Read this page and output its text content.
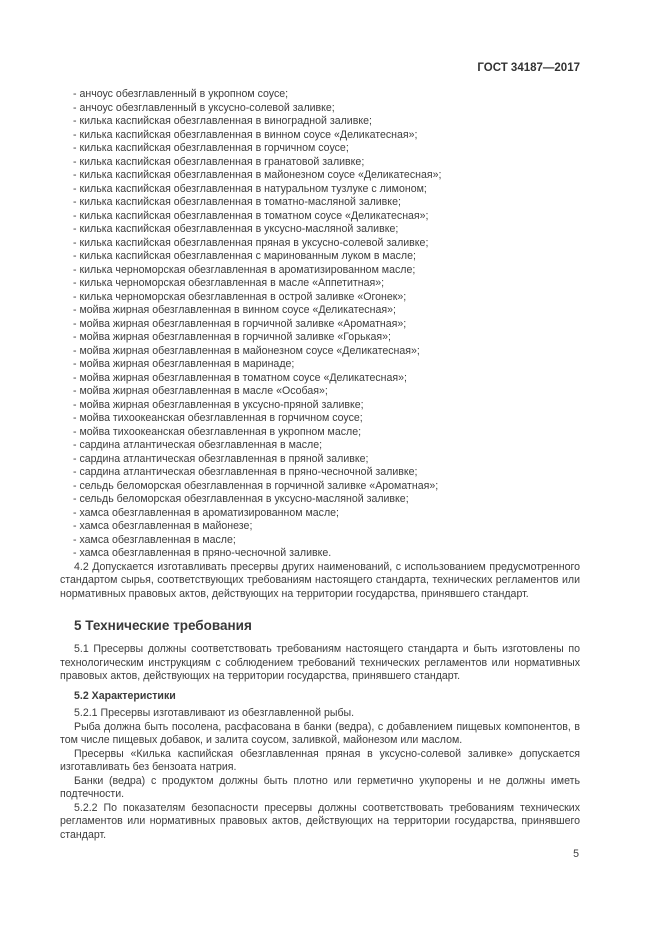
ГОСТ 34187—2017
- анчоус обезглавленный в укропном соусе;
- анчоус обезглавленный в уксусно-солевой заливке;
- килька каспийская обезглавленная в виноградной заливке;
- килька каспийская обезглавленная в винном соусе «Деликатесная»;
- килька каспийская обезглавленная в горчичном соусе;
- килька каспийская обезглавленная в гранатовой заливке;
- килька каспийская обезглавленная в майонезном соусе «Деликатесная»;
- килька каспийская обезглавленная в натуральном тузлуке с лимоном;
- килька каспийская обезглавленная в томатно-масляной заливке;
- килька каспийская обезглавленная в томатном соусе «Деликатесная»;
- килька каспийская обезглавленная в уксусно-масляной заливке;
- килька каспийская обезглавленная пряная в уксусно-солевой заливке;
- килька каспийская обезглавленная с маринованным луком в масле;
- килька черноморская обезглавленная в ароматизированном масле;
- килька черноморская обезглавленная в масле «Аппетитная»;
- килька черноморская обезглавленная в острой заливке «Огонек»;
- мойва жирная обезглавленная в винном соусе «Деликатесная»;
- мойва жирная обезглавленная в горчичной заливке «Ароматная»;
- мойва жирная обезглавленная в горчичной заливке «Горькая»;
- мойва жирная обезглавленная в майонезном соусе «Деликатесная»;
- мойва жирная обезглавленная в маринаде;
- мойва жирная обезглавленная в томатном соусе «Деликатесная»;
- мойва жирная обезглавленная в масле «Особая»;
- мойва жирная обезглавленная в уксусно-пряной заливке;
- мойва тихоокеанская обезглавленная в горчичном соусе;
- мойва тихоокеанская обезглавленная в укропном масле;
- сардина атлантическая обезглавленная в масле;
- сардина атлантическая обезглавленная в пряной заливке;
- сардина атлантическая обезглавленная в пряно-чесночной заливке;
- сельдь беломорская обезглавленная в горчичной заливке «Ароматная»;
- сельдь беломорская обезглавленная в уксусно-масляной заливке;
- хамса обезглавленная в ароматизированном масле;
- хамса обезглавленная в майонезе;
- хамса обезглавленная в масле;
- хамса обезглавленная в пряно-чесночной заливке.

4.2 Допускается изготавливать пресервы других наименований, с использованием предусмотренного стандартом сырья, соответствующих требованиям настоящего стандарта, технических регламентов или нормативных правовых актов, действующих на территории государства, принявшего стандарт.

5 Технические требования

5.1 Пресервы должны соответствовать требованиям настоящего стандарта и быть изготовлены по технологическим инструкциям с соблюдением требований технических регламентов или нормативных правовых актов, действующих на территории государства, принявшего стандарт.

5.2 Характеристики

5.2.1 Пресервы изготавливают из обезглавленной рыбы.

Рыба должна быть посолена, расфасована в банки (ведра), с добавлением пищевых компонентов, в том числе пищевых добавок, и залита соусом, заливкой, майонезом или маслом.

Пресервы «Килька каспийская обезглавленная пряная в уксусно-солевой заливке» допускается изготавливать без бензоата натрия.

Банки (ведра) с продуктом должны быть плотно или герметично укупорены и не должны иметь подтечности.

5.2.2 По показателям безопасности пресервы должны соответствовать требованиям технических регламентов или нормативных правовых актов, действующих на территории государства, принявшего стандарт.

5
